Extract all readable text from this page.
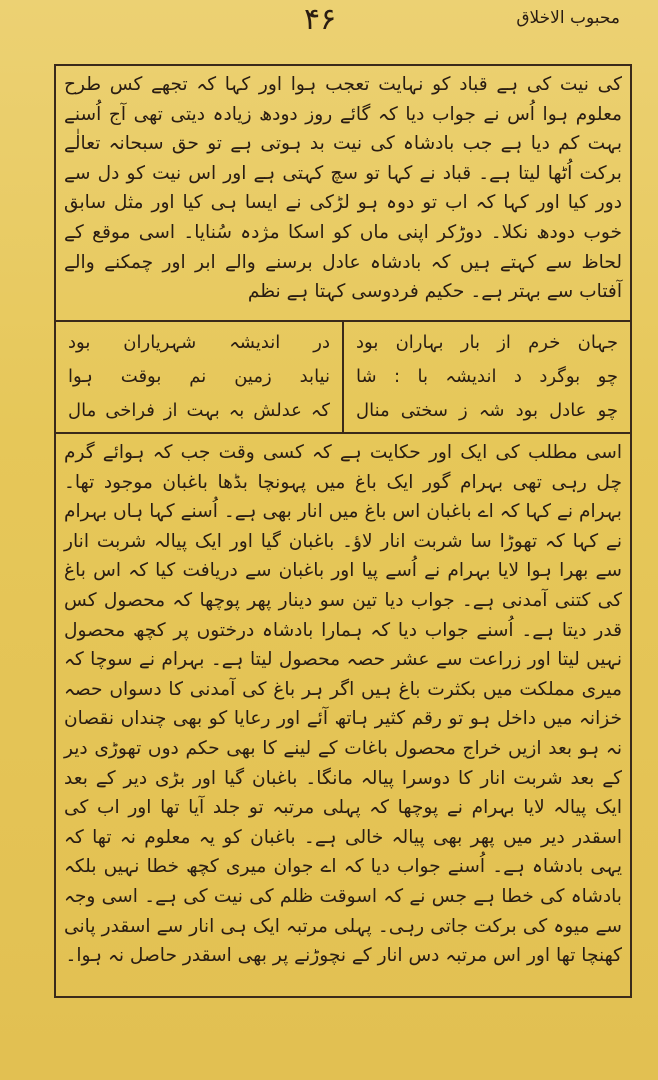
محبوب الاخلاق
۴۶
کی نیت کی ہے قباد کو نہایت تعجب ہوا اور کہا کہ تجھے کس طرح معلوم ہوا اُس نے جواب دیا کہ گائے روز دودھ زیادہ دیتی تھی آج اُسنے بہت کم دیا ہے جب بادشاہ کی نیت بد ہوتی ہے تو حق سبحانہ تعالٰے برکت اُٹھا لیتا ہے۔ قباد نے کہا تو سچ کہتی ہے اور اس نیت کو دل سے دور کیا اور کہا کہ اب تو دوہ ہو لڑکی نے ایسا ہی کیا اور مثل سابق خوب دودھ نکلا۔ دوڑکر اپنی ماں کو اسکا مژدہ سُنایا۔ اسی موقع کے لحاظ سے کہتے ہیں کہ بادشاہ عادل برسنے والے ابر اور چمکنے والے آفتاب سے بہتر ہے۔ حکیم فردوسی کہتا ہے نظم
جہان خرم از بار بہاران بود
چو بوگرد د اندیشہ با : شا
چو عادل بود شہ ز سختی منال
در اندیشہ شہریاران بود
نیابد زمین نم بوقت ہوا
کہ عدلش بہ بہت از فراخی مال
اسی مطلب کی ایک اور حکایت ہے کہ کسی وقت جب کہ ہوائے گرم چل رہی تھی بہرام گور ایک باغ میں پہونچا بڈھا باغبان موجود تھا۔ بہرام نے کہا کہ اے باغبان اس باغ میں انار بھی ہے۔ اُسنے کہا ہاں بہرام نے کہا کہ تھوڑا سا شربت انار لاؤ۔ باغبان گیا اور ایک پیالہ شربت انار سے بھرا ہوا لایا بہرام نے اُسے پیا اور باغبان سے دریافت کیا کہ اس باغ کی کتنی آمدنی ہے۔ جواب دیا تین سو دینار پھر پوچھا کہ محصول کس قدر دیتا ہے۔ اُسنے جواب دیا کہ ہمارا بادشاہ درختوں پر کچھ محصول نہیں لیتا اور زراعت سے عشر حصہ محصول لیتا ہے۔ بہرام نے سوچا کہ میری مملکت میں بکثرت باغ ہیں اگر ہر باغ کی آمدنی کا دسواں حصہ خزانہ میں داخل ہو تو رقم کثیر ہاتھ آئے اور رعایا کو بھی چنداں نقصان نہ ہو بعد ازیں خراج محصول باغات کے لینے کا بھی حکم دوں تھوڑی دیر کے بعد شربت انار کا دوسرا پیالہ مانگا۔ باغبان گیا اور بڑی دیر کے بعد ایک پیالہ لایا بہرام نے پوچھا کہ پہلی مرتبہ تو جلد آیا تھا اور اب کی اسقدر دیر میں پھر بھی پیالہ خالی ہے۔ باغبان کو یہ معلوم نہ تھا کہ یہی بادشاہ ہے۔ اُسنے جواب دیا کہ اے جوان میری کچھ خطا نہیں بلکہ بادشاہ کی خطا ہے جس نے کہ اسوقت ظلم کی نیت کی ہے۔ اسی وجہ سے میوہ کی برکت جاتی رہی۔ پہلی مرتبہ ایک ہی انار سے اسقدر پانی کھنچا تھا اور اس مرتبہ دس انار کے نچوڑنے پر بھی اسقدر حاصل نہ ہوا۔
